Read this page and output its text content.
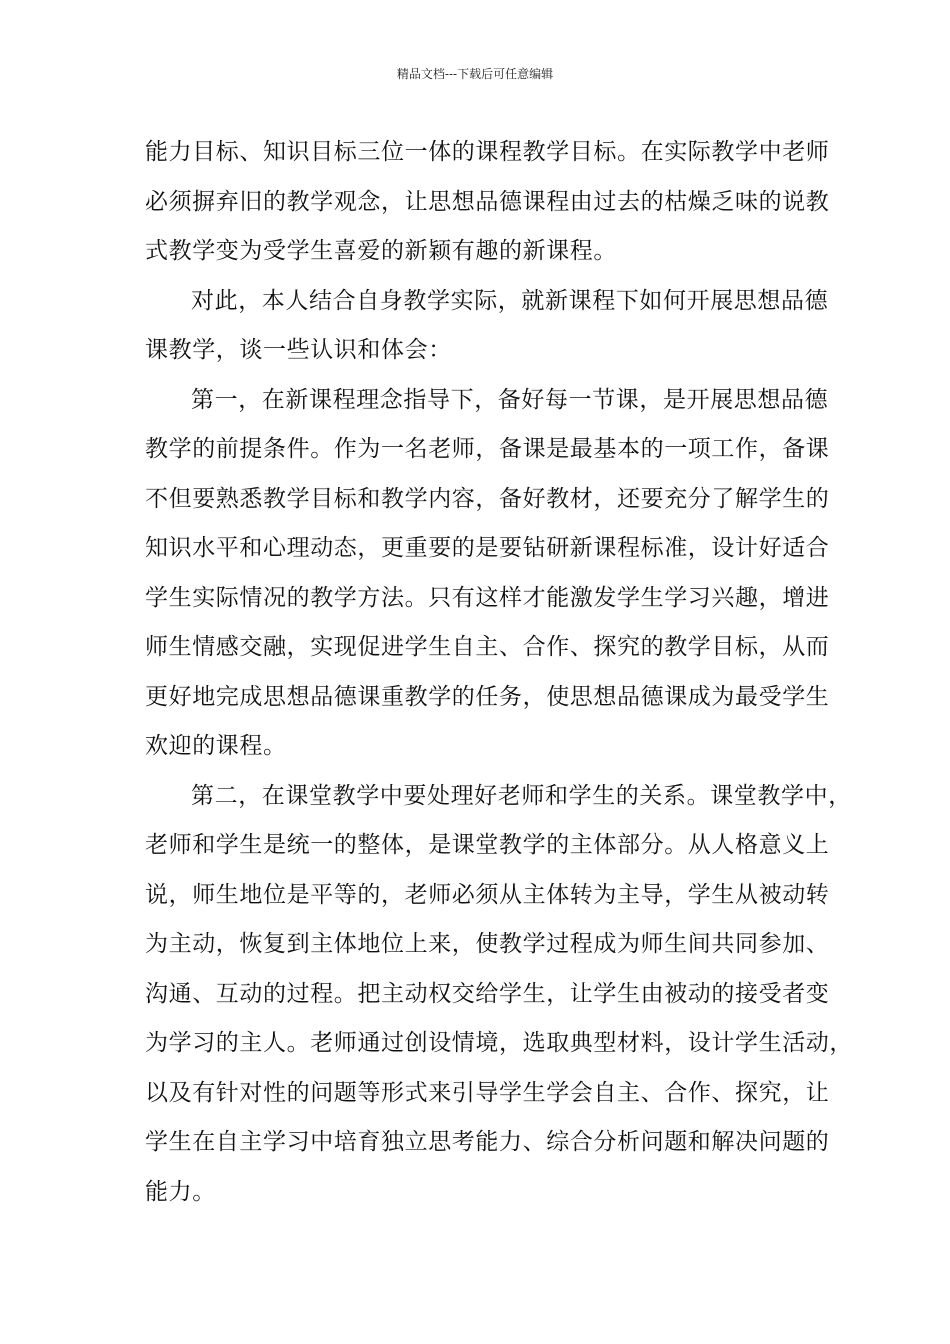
精品文档---下载后可任意编辑
能力目标、知识目标三位一体的课程教学目标。在实际教学中老师
必须摒弃旧的教学观念，让思想品德课程由过去的枯燥乏味的说教
式教学变为受学生喜爱的新颖有趣的新课程。
对此，本人结合自身教学实际，就新课程下如何开展思想品德
课教学，谈一些认识和体会：
第一，在新课程理念指导下，备好每一节课，是开展思想品德
教学的前提条件。作为一名老师，备课是最基本的一项工作，备课
不但要熟悉教学目标和教学内容，备好教材，还要充分了解学生的
知识水平和心理动态，更重要的是要钻研新课程标准，设计好适合
学生实际情况的教学方法。只有这样才能激发学生学习兴趣，增进
师生情感交融，实现促进学生自主、合作、探究的教学目标，从而
更好地完成思想品德课重教学的任务，使思想品德课成为最受学生
欢迎的课程。
第二，在课堂教学中要处理好老师和学生的关系。课堂教学中，
老师和学生是统一的整体，是课堂教学的主体部分。从人格意义上
说，师生地位是平等的，老师必须从主体转为主导，学生从被动转
为主动，恢复到主体地位上来，使教学过程成为师生间共同参加、
沟通、互动的过程。把主动权交给学生，让学生由被动的接受者变
为学习的主人。老师通过创设情境，选取典型材料，设计学生活动，
以及有针对性的问题等形式来引导学生学会自主、合作、探究，让
学生在自主学习中培育独立思考能力、综合分析问题和解决问题的
能力。
